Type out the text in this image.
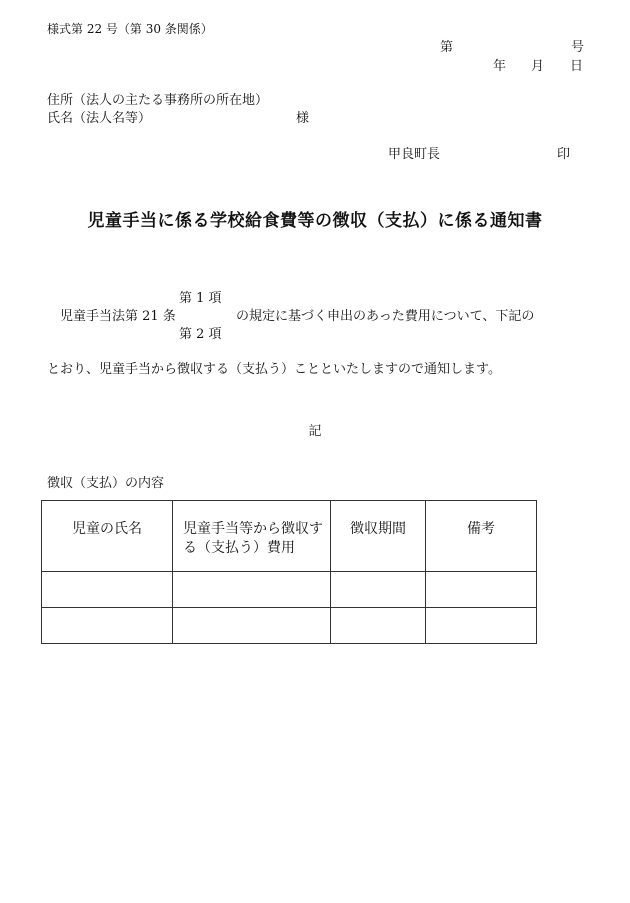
様式第 22 号（第 30 条関係）
第	号
年 月 日
住所（法人の主たる事務所の所在地）
氏名（法人名等）	様
甲良町長	印
児童手当に係る学校給食費等の徴収（支払）に係る通知書
第 1 項
児童手当法第 21 条
第 2 項
の規定に基づく申出のあった費用について、下記の
とおり、児童手当から徴収する（支払う）ことといたしますので通知します。
記
徴収（支払）の内容
児童の氏名	児童手当等から徴収する（支払う）費用	徴収期間	備考
